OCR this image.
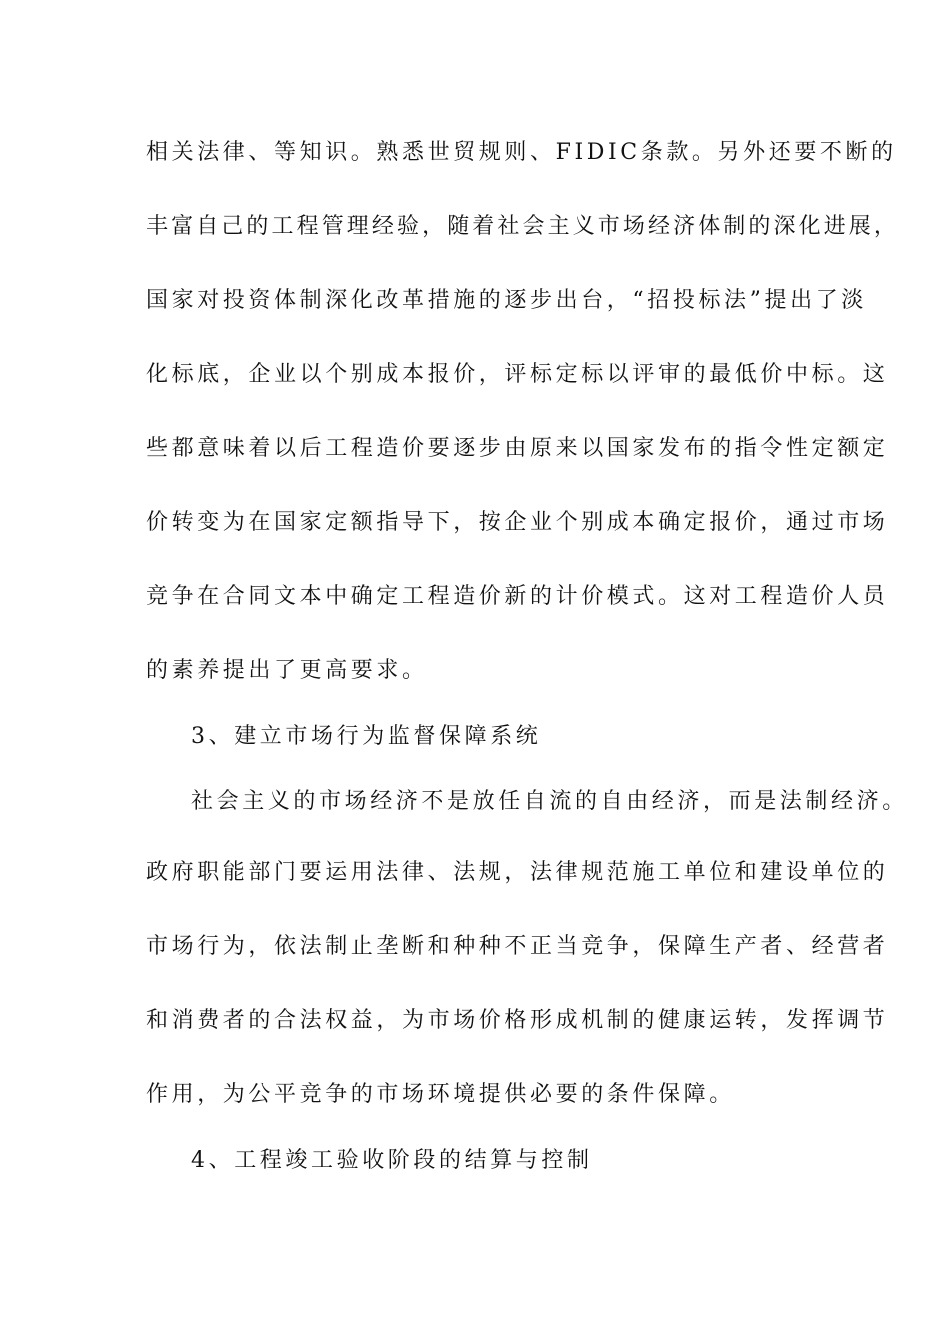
相关法律、等知识。熟悉世贸规则、FIDIC条款。另外还要不断的
丰富自己的工程管理经验，随着社会主义市场经济体制的深化进展，
国家对投资体制深化改革措施的逐步出台，“招投标法”提出了淡
化标底，企业以个别成本报价，评标定标以评审的最低价中标。这
些都意味着以后工程造价要逐步由原来以国家发布的指令性定额定
价转变为在国家定额指导下，按企业个别成本确定报价，通过市场
竞争在合同文本中确定工程造价新的计价模式。这对工程造价人员
的素养提出了更高要求。
3、建立市场行为监督保障系统
社会主义的市场经济不是放任自流的自由经济，而是法制经济。
政府职能部门要运用法律、法规，法律规范施工单位和建设单位的
市场行为，依法制止垄断和种种不正当竞争，保障生产者、经营者
和消费者的合法权益，为市场价格形成机制的健康运转，发挥调节
作用，为公平竞争的市场环境提供必要的条件保障。
4、工程竣工验收阶段的结算与控制
